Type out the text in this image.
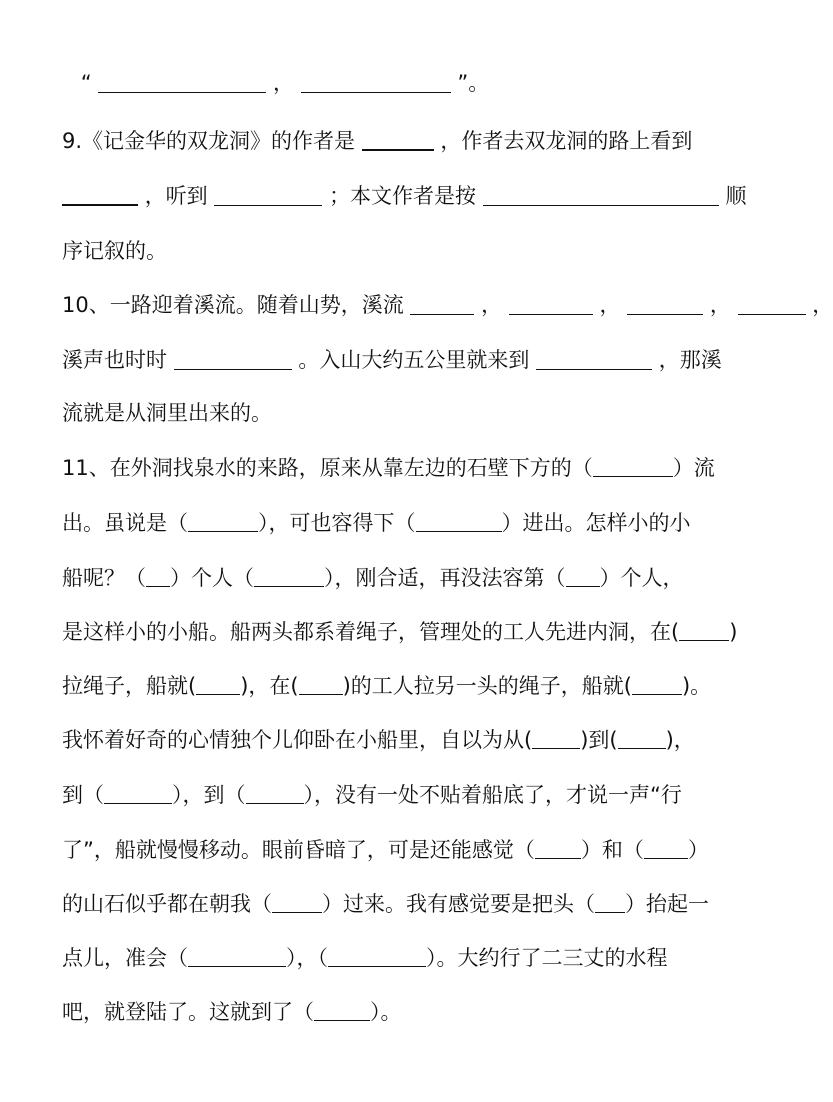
“	，	”。
9.《记金华的双龙洞》的作者是	，作者去双龙洞的路上看到
，听到	；本文作者是按	顺
序记叙的。
10、一路迎着溪流。随着山势，溪流	，	，	，	，
溪声也时时	。入山大约五公里就来到	，那溪
流就是从洞里出来的。
11、在外洞找泉水的来路，原来从靠左边的石壁下方的（	）流
出。虽说是（	），可也容得下（	）进出。怎样小的小
船呢？（ ）个人（	），刚合适，再没法容第（ ）个人，
是这样小的小船。船两头都系着绳子，管理处的工人先进内洞，在( )
拉绳子，船就( )，在( )的工人拉另一头的绳子，船就( )。
我怀着好奇的心情独个儿仰卧在小船里，自以为从( )到( )，
到（	），到（	），没有一处不贴着船底了，才说一声“行
了”，船就慢慢移动。眼前昏暗了，可是还能感觉（ ）和（ ）
的山石似乎都在朝我（ ）过来。我有感觉要是把头（ ）抬起一
点儿，准会（	），（	）。大约行了二三丈的水程
吧，就登陆了。这就到了（	）。
